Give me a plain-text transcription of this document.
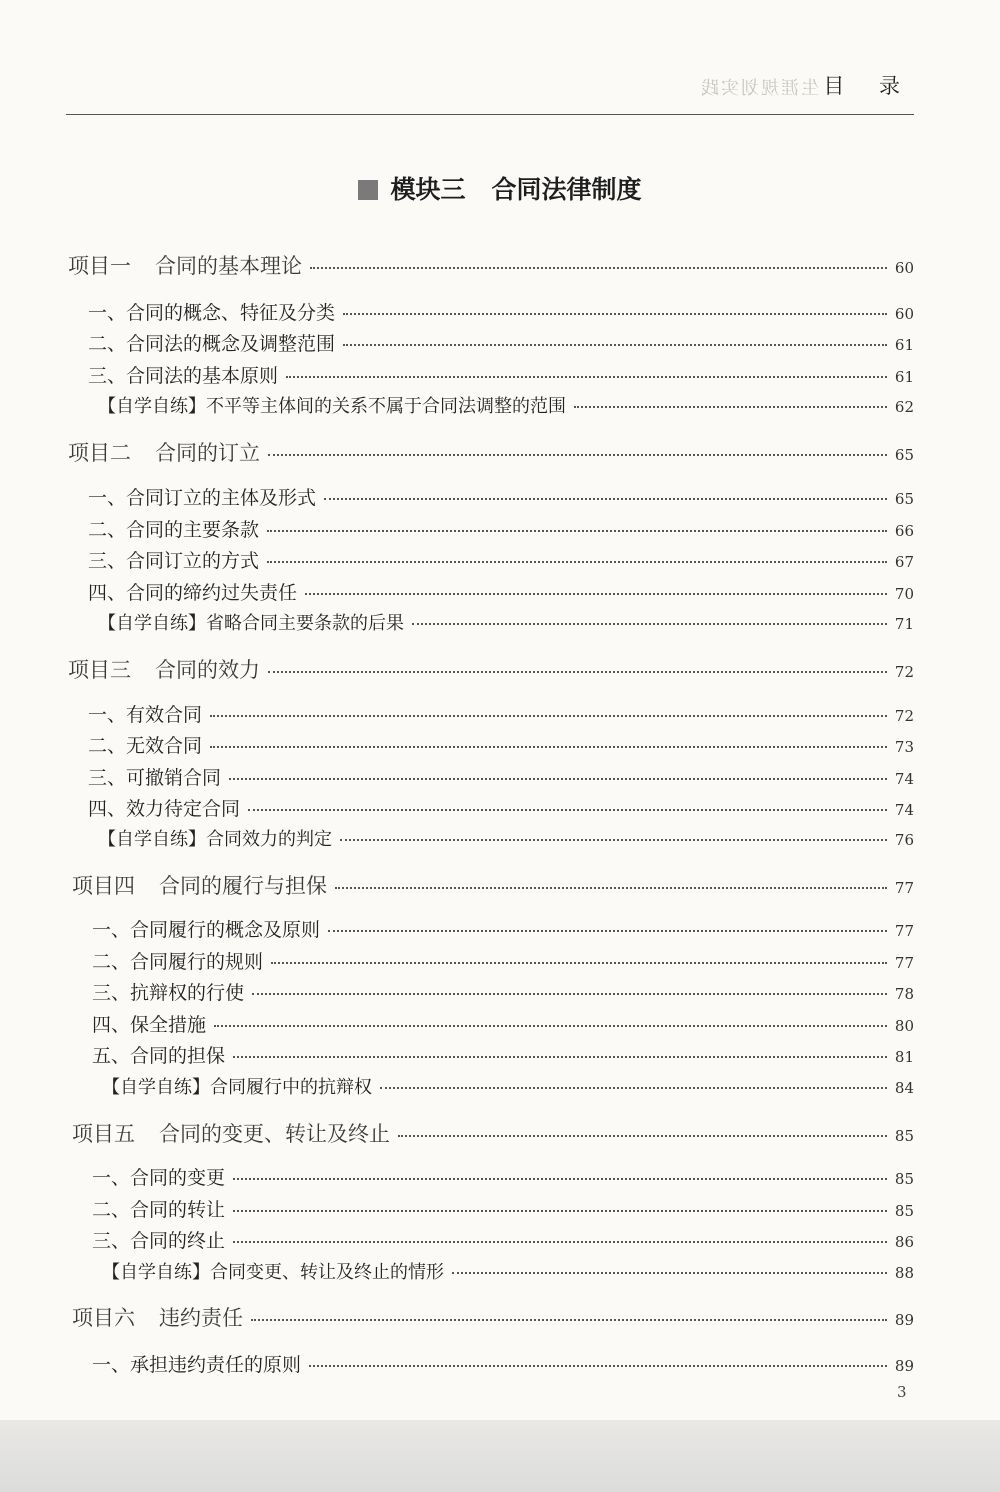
生涯规划实践 目 录
模块三 合同法律制度
项目一 合同的基本理论	60
一、合同的概念、特征及分类	60
二、合同法的概念及调整范围	61
三、合同法的基本原则	61
【自学自练】不平等主体间的关系不属于合同法调整的范围	62
项目二 合同的订立	65
一、合同订立的主体及形式	65
二、合同的主要条款	66
三、合同订立的方式	67
四、合同的缔约过失责任	70
【自学自练】省略合同主要条款的后果	71
项目三 合同的效力	72
一、有效合同	72
二、无效合同	73
三、可撤销合同	74
四、效力待定合同	74
【自学自练】合同效力的判定	76
项目四 合同的履行与担保	77
一、合同履行的概念及原则	77
二、合同履行的规则	77
三、抗辩权的行使	78
四、保全措施	80
五、合同的担保	81
【自学自练】合同履行中的抗辩权	84
项目五 合同的变更、转让及终止	85
一、合同的变更	85
二、合同的转让	85
三、合同的终止	86
【自学自练】合同变更、转让及终止的情形	88
项目六 违约责任	89
一、承担违约责任的原则	89
3
